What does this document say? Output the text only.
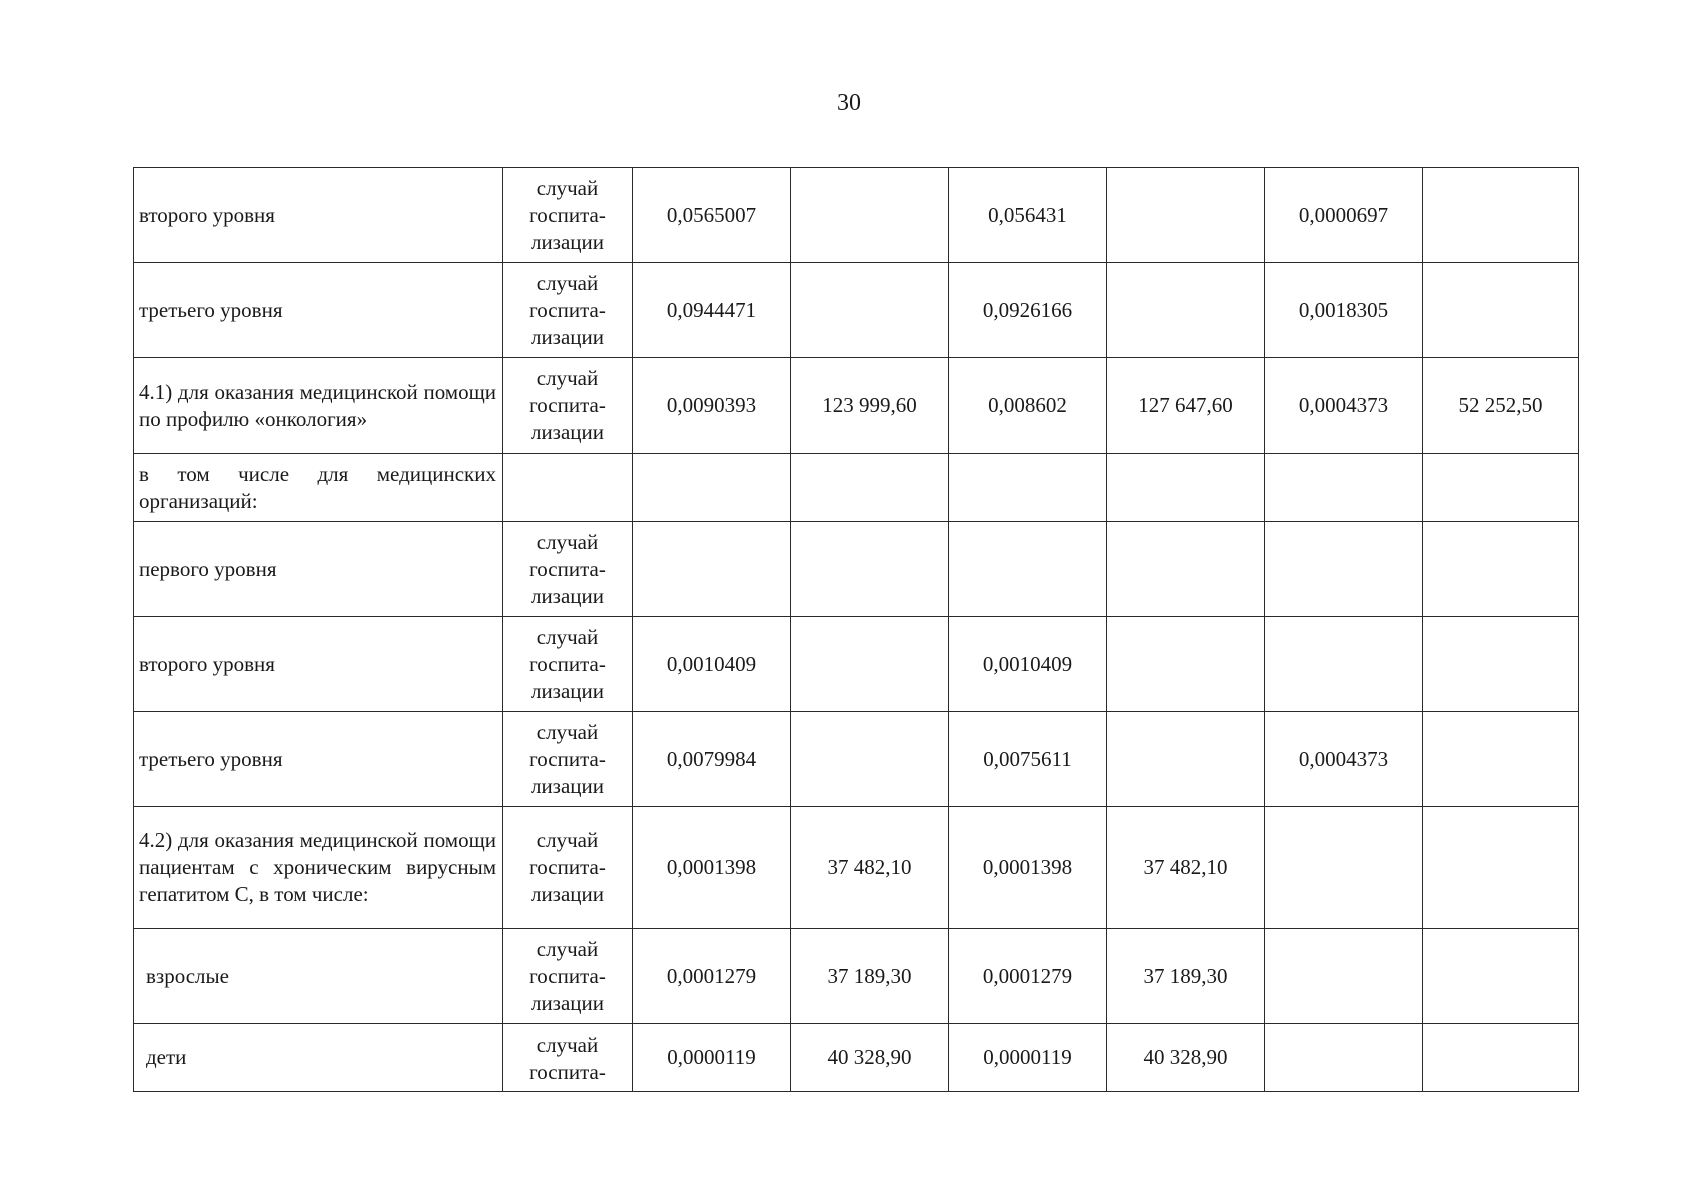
30
второго уровня	случай госпита-лизации	0,0565007		0,056431		0,0000697	
третьего уровня	случай госпита-лизации	0,0944471		0,0926166		0,0018305	
4.1) для оказания медицинской помощи по профилю «онкология»	случай госпита-лизации	0,0090393	123 999,60	0,008602	127 647,60	0,0004373	52 252,50
в том числе для медицинских организаций:							
первого уровня	случай госпита-лизации						
второго уровня	случай госпита-лизации	0,0010409		0,0010409			
третьего уровня	случай госпита-лизации	0,0079984		0,0075611		0,0004373	
4.2) для оказания медицинской помощи пациентам с хроническим вирусным гепатитом С, в том числе:	случай госпита-лизации	0,0001398	37 482,10	0,0001398	37 482,10		
взрослые	случай госпита-лизации	0,0001279	37 189,30	0,0001279	37 189,30		
дети	случай госпита-	0,0000119	40 328,90	0,0000119	40 328,90		
